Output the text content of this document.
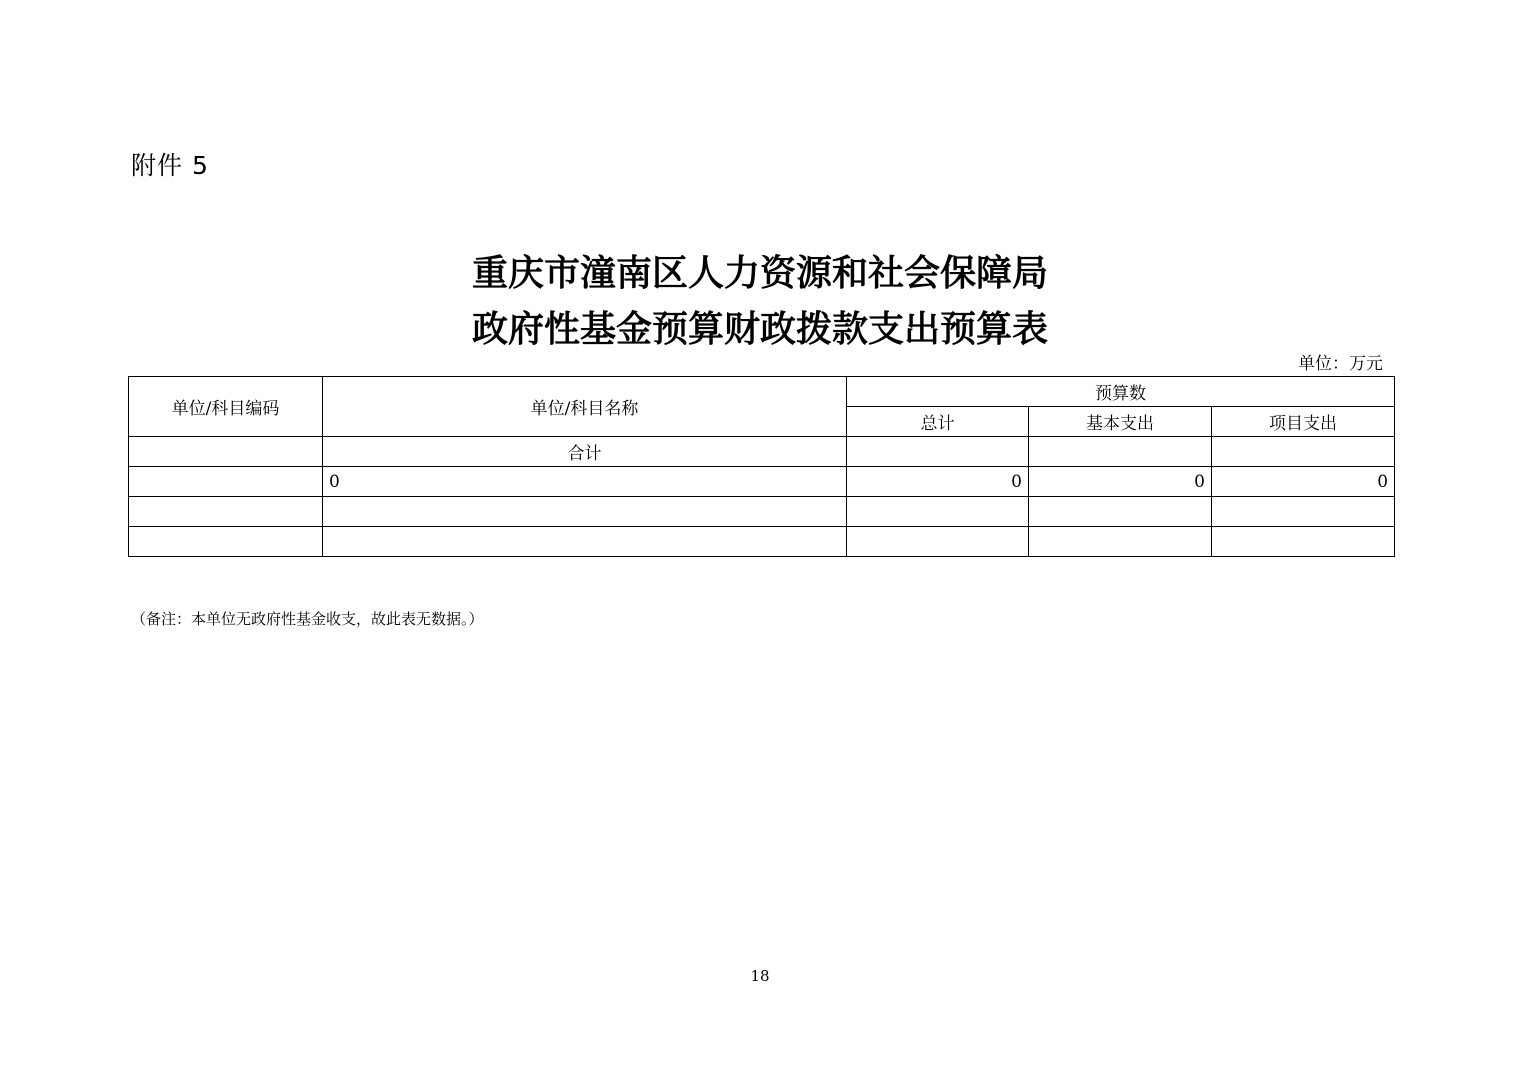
附件 5
重庆市潼南区人力资源和社会保障局
政府性基金预算财政拨款支出预算表
单位：万元
单位/科目编码	单位/科目名称	预算数		
		总计	基本支出	项目支出
	合计			
	0	0	0	0

（备注：本单位无政府性基金收支，故此表无数据。）
18
